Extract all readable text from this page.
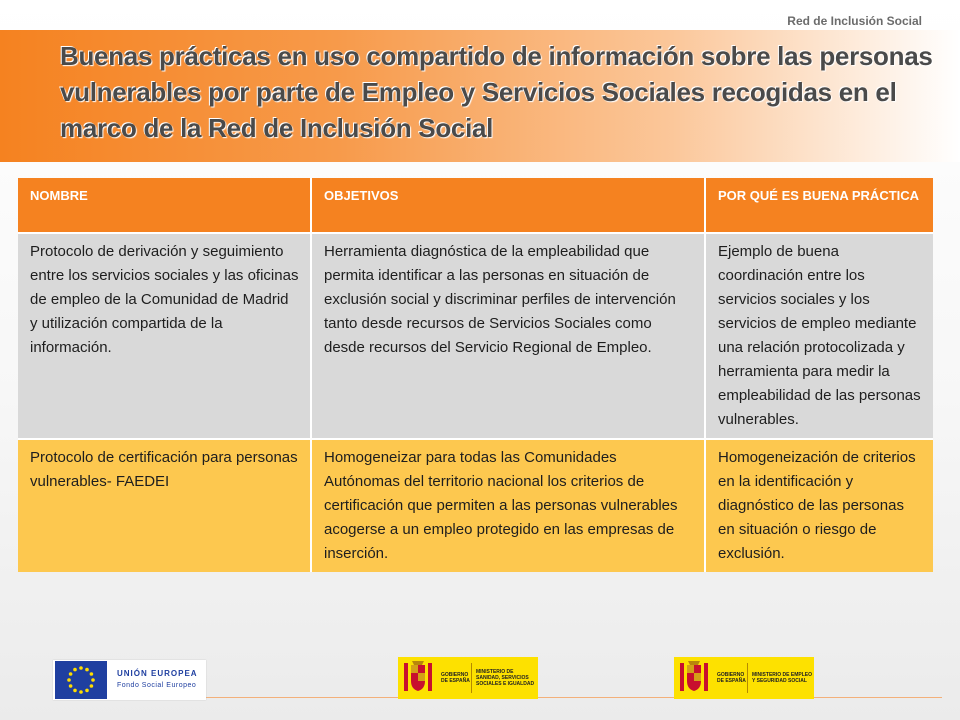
Red de Inclusión Social
Buenas prácticas en uso compartido de información sobre las personas vulnerables por parte de Empleo y Servicios Sociales recogidas en el marco de la Red de Inclusión Social
NOMBRE	OBJETIVOS	POR QUÉ ES BUENA PRÁCTICA
Protocolo de derivación y seguimiento entre los servicios sociales y las oficinas de empleo de la Comunidad de Madrid y utilización compartida de la información.	Herramienta diagnóstica de la empleabilidad que permita identificar a las personas en situación de exclusión social y discriminar perfiles de intervención tanto desde recursos de Servicios Sociales como desde recursos del Servicio Regional de Empleo.	Ejemplo de buena coordinación entre los servicios sociales y los servicios de empleo mediante una relación protocolizada y herramienta para medir la empleabilidad de las personas vulnerables.
Protocolo de certificación para personas vulnerables- FAEDEI	Homogeneizar para todas las Comunidades Autónomas del territorio nacional los criterios de certificación que permiten a las personas vulnerables acogerse a un empleo protegido en las empresas de inserción.	Homogeneización de criterios en la identificación y diagnóstico de las personas en situación o riesgo de exclusión.
UNIÓN EUROPEA
Fondo Social Europeo
GOBIERNO DE ESPAÑA
MINISTERIO DE SANIDAD, SERVICIOS SOCIALES E IGUALDAD
GOBIERNO DE ESPAÑA
MINISTERIO DE EMPLEO Y SEGURIDAD SOCIAL
